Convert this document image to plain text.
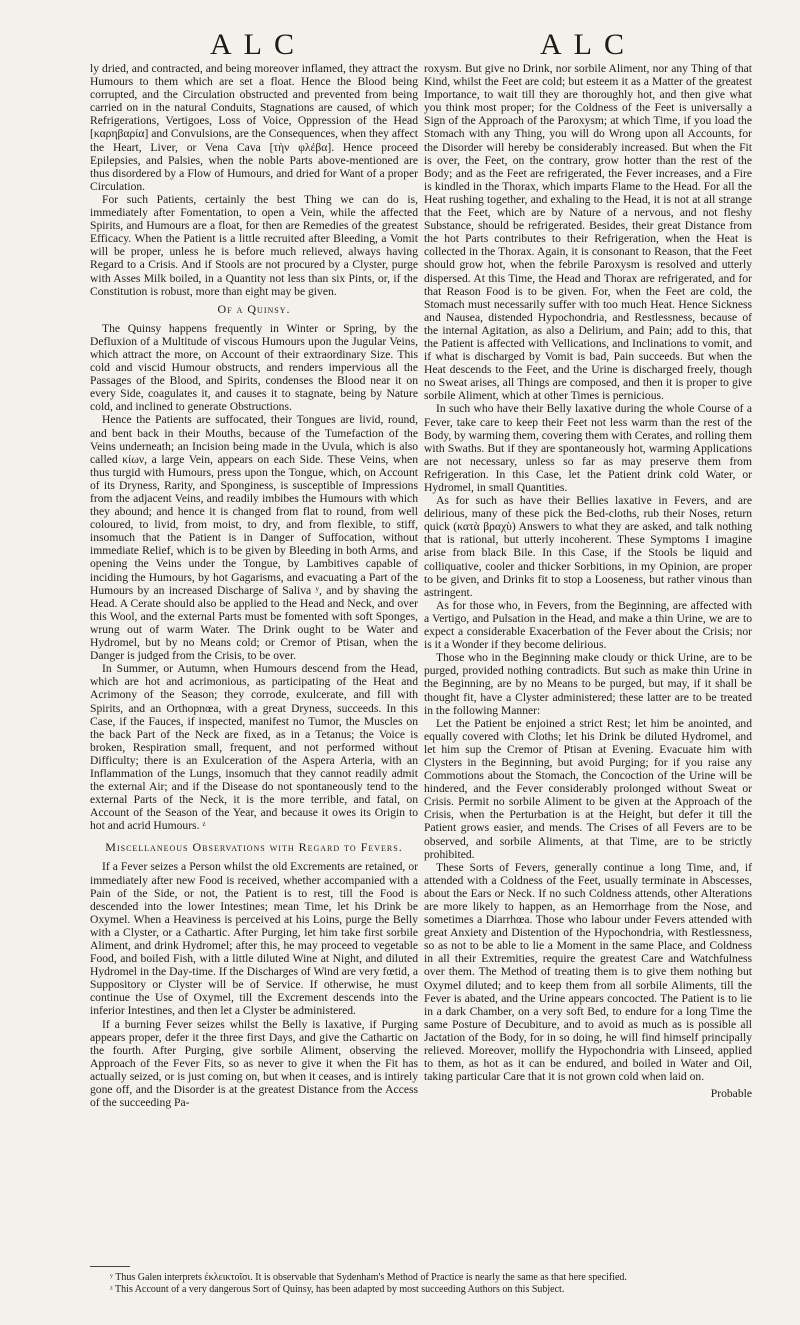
ALC	ALC

ly dried, and contracted, and being moreover inflamed, they attract the Humours to them which are set a float. Hence the Blood being corrupted, and the Circulation obstructed and prevented from being carried on in the natural Conduits, Stagnations are caused, of which Refrigerations, Vertigoes, Loss of Voice, Oppression of the Head [καρηβαρία] and Convulsions, are the Consequences, when they affect the Heart, Liver, or Vena Cava [τὴν φλέβα]. Hence proceed Epilepsies, and Palsies, when the noble Parts above-mentioned are thus disordered by a Flow of Humours, and dried for Want of a proper Circulation.

For such Patients, certainly the best Thing we can do is, immediately after Fomentation, to open a Vein, while the affected Spirits, and Humours are a float, for then are Remedies of the greatest Efficacy. When the Patient is a little recruited after Bleeding, a Vomit will be proper, unless he is before much relieved, always having Regard to a Crisis. And if Stools are not procured by a Clyster, purge with Asses Milk boiled, in a Quantity not less than six Pints, or, if the Constitution is robust, more than eight may be given.

Of a Quinsy.

The Quinsy happens frequently in Winter or Spring, by the Defluxion of a Multitude of viscous Humours upon the Jugular Veins, which attract the more, on Account of their extraordinary Size. This cold and viscid Humour obstructs, and renders impervious all the Passages of the Blood, and Spirits, condenses the Blood near it on every Side, coagulates it, and causes it to stagnate, being by Nature cold, and inclined to generate Obstructions.

Hence the Patients are suffocated, their Tongues are livid, round, and bent back in their Mouths, because of the Tumefaction of the Veins underneath; an Incision being made in the Uvula, which is also called κίων, a large Vein, appears on each Side. These Veins, when thus turgid with Humours, press upon the Tongue, which, on Account of its Dryness, Rarity, and Sponginess, is susceptible of Impressions from the adjacent Veins, and readily imbibes the Humours with which they abound; and hence it is changed from flat to round, from well coloured, to livid, from moist, to dry, and from flexible, to stiff, insomuch that the Patient is in Danger of Suffocation, without immediate Relief, which is to be given by Bleeding in both Arms, and opening the Veins under the Tongue, by Lambitives capable of inciding the Humours, by hot Gagarisms, and evacuating a Part of the Humours by an increased Discharge of Saliva ʸ, and by shaving the Head. A Cerate should also be applied to the Head and Neck, and over this Wool, and the external Parts must be fomented with soft Sponges, wrung out of warm Water. The Drink ought to be Water and Hydromel, but by no Means cold; or Cremor of Ptisan, when the Danger is judged from the Crisis, to be over.

In Summer, or Autumn, when Humours descend from the Head, which are hot and acrimonious, as participating of the Heat and Acrimony of the Season; they corrode, exulcerate, and fill with Spirits, and an Orthopnœa, with a great Dryness, succeeds. In this Case, if the Fauces, if inspected, manifest no Tumor, the Muscles on the back Part of the Neck are fixed, as in a Tetanus; the Voice is broken, Respiration small, frequent, and not performed without Difficulty; there is an Exulceration of the Aspera Arteria, with an Inflammation of the Lungs, insomuch that they cannot readily admit the external Air; and if the Disease do not spontaneously tend to the external Parts of the Neck, it is the more terrible, and fatal, on Account of the Season of the Year, and because it owes its Origin to hot and acrid Humours. ᶻ

Miscellaneous Observations with Regard to Fevers.

If a Fever seizes a Person whilst the old Excrements are retained, or immediately after new Food is received, whether accompanied with a Pain of the Side, or not, the Patient is to rest, till the Food is descended into the lower Intestines; mean Time, let his Drink be Oxymel. When a Heaviness is perceived at his Loins, purge the Belly with a Clyster, or a Cathartic. After Purging, let him take first sorbile Aliment, and drink Hydromel; after this, he may proceed to vegetable Food, and boiled Fish, with a little diluted Wine at Night, and diluted Hydromel in the Day-time. If the Discharges of Wind are very fœtid, a Suppository or Clyster will be of Service. If otherwise, he must continue the Use of Oxymel, till the Excrement descends into the inferior Intestines, and then let a Clyster be administered.

If a burning Fever seizes whilst the Belly is laxative, if Purging appears proper, defer it the three first Days, and give the Cathartic on the fourth. After Purging, give sorbile Aliment, observing the Approach of the Fever Fits, so as never to give it when the Fit has actually seized, or is just coming on, but when it ceases, and is intirely gone off, and the Disorder is at the greatest Distance from the Access of the succeeding Pa-

roxysm. But give no Drink, nor sorbile Aliment, nor any Thing of that Kind, whilst the Feet are cold; but esteem it as a Matter of the greatest Importance, to wait till they are thoroughly hot, and then give what you think most proper; for the Coldness of the Feet is universally a Sign of the Approach of the Paroxysm; at which Time, if you load the Stomach with any Thing, you will do Wrong upon all Accounts, for the Disorder will hereby be considerably increased. But when the Fit is over, the Feet, on the contrary, grow hotter than the rest of the Body; and as the Feet are refrigerated, the Fever increases, and a Fire is kindled in the Thorax, which imparts Flame to the Head. For all the Heat rushing together, and exhaling to the Head, it is not at all strange that the Feet, which are by Nature of a nervous, and not fleshy Substance, should be refrigerated. Besides, their great Distance from the hot Parts contributes to their Refrigeration, when the Heat is collected in the Thorax. Again, it is consonant to Reason, that the Feet should grow hot, when the febrile Paroxysm is resolved and utterly dispersed. At this Time, the Head and Thorax are refrigerated, and for that Reason Food is to be given. For, when the Feet are cold, the Stomach must necessarily suffer with too much Heat. Hence Sickness and Nausea, distended Hypochondria, and Restlessness, because of the internal Agitation, as also a Delirium, and Pain; add to this, that the Patient is affected with Vellications, and Inclinations to vomit, and if what is discharged by Vomit is bad, Pain succeeds. But when the Heat descends to the Feet, and the Urine is discharged freely, though no Sweat arises, all Things are composed, and then it is proper to give sorbile Aliment, which at other Times is pernicious.

In such who have their Belly laxative during the whole Course of a Fever, take care to keep their Feet not less warm than the rest of the Body, by warming them, covering them with Cerates, and rolling them with Swaths. But if they are spontaneously hot, warming Applications are not necessary, unless so far as may preserve them from Refrigeration. In this Case, let the Patient drink cold Water, or Hydromel, in small Quantities.

As for such as have their Bellies laxative in Fevers, and are delirious, many of these pick the Bed-cloths, rub their Noses, return quick (κατὰ βραχὺ) Answers to what they are asked, and talk nothing that is rational, but utterly incoherent. These Symptoms I imagine arise from black Bile. In this Case, if the Stools be liquid and colliquative, cooler and thicker Sorbitions, in my Opinion, are proper to be given, and Drinks fit to stop a Looseness, but rather vinous than astringent.

As for those who, in Fevers, from the Beginning, are affected with a Vertigo, and Pulsation in the Head, and make a thin Urine, we are to expect a considerable Exacerbation of the Fever about the Crisis; nor is it a Wonder if they become delirious.

Those who in the Beginning make cloudy or thick Urine, are to be purged, provided nothing contradicts. But such as make thin Urine in the Beginning, are by no Means to be purged, but may, if it shall be thought fit, have a Clyster administered; these latter are to be treated in the following Manner:

Let the Patient be enjoined a strict Rest; let him be anointed, and equally covered with Cloths; let his Drink be diluted Hydromel, and let him sup the Cremor of Ptisan at Evening. Evacuate him with Clysters in the Beginning, but avoid Purging; for if you raise any Commotions about the Stomach, the Concoction of the Urine will be hindered, and the Fever considerably prolonged without Sweat or Crisis. Permit no sorbile Aliment to be given at the Approach of the Crisis, when the Perturbation is at the Height, but defer it till the Patient grows easier, and mends. The Crises of all Fevers are to be observed, and sorbile Aliments, at that Time, are to be strictly prohibited.

These Sorts of Fevers, generally continue a long Time, and, if attended with a Coldness of the Feet, usually terminate in Abscesses, about the Ears or Neck. If no such Coldness attends, other Alterations are more likely to happen, as an Hemorrhage from the Nose, and sometimes a Diarrhœa. Those who labour under Fevers attended with great Anxiety and Distention of the Hypochondria, with Restlessness, so as not to be able to lie a Moment in the same Place, and Coldness in all their Extremities, require the greatest Care and Watchfulness over them. The Method of treating them is to give them nothing but Oxymel diluted; and to keep them from all sorbile Aliments, till the Fever is abated, and the Urine appears concocted. The Patient is to lie in a dark Chamber, on a very soft Bed, to endure for a long Time the same Posture of Decubiture, and to avoid as much as is possible all Jactation of the Body, for in so doing, he will find himself principally relieved. Moreover, mollify the Hypochondria with Linseed, applied to them, as hot as it can be endured, and boiled in Water and Oil, taking particular Care that it is not grown cold when laid on.

Probable
ʸ Thus Galen interprets ἐκλεικτοῖσι. It is observable that Sydenham's Method of Practice is nearly the same as that here specified.
ᶻ This Account of a very dangerous Sort of Quinsy, has been adapted by most succeeding Authors on this Subject.
